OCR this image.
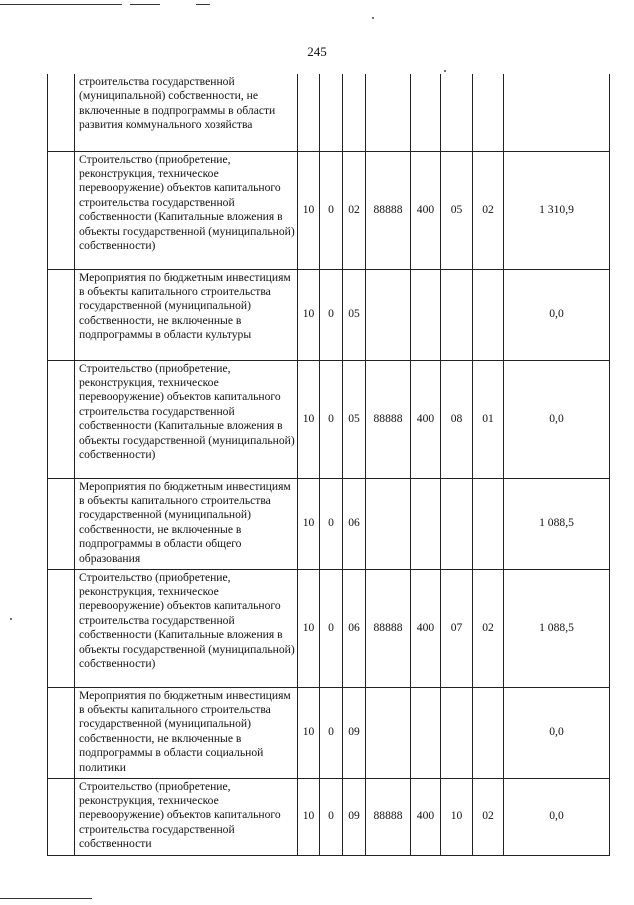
245
	строительства государственной (муниципальной) собственности, не включенные в подпрограммы в области развития коммунального хозяйства								
	Строительство (приобретение, реконструкция, техническое перевооружение) объектов капитального строительства государственной собственности (Капитальные вложения в объекты государственной (муниципальной) собственности)	10	0	02	88888	400	05	02	1 310,9
	Мероприятия по бюджетным инвестициям в объекты капитального строительства государственной (муниципальной) собственности, не включенные в подпрограммы в области культуры	10	0	05					0,0
	Строительство (приобретение, реконструкция, техническое перевооружение) объектов капитального строительства государственной собственности (Капитальные вложения в объекты государственной (муниципальной) собственности)	10	0	05	88888	400	08	01	0,0
	Мероприятия по бюджетным инвестициям в объекты капитального строительства государственной (муниципальной) собственности, не включенные в подпрограммы в области общего образования	10	0	06					1 088,5
	Строительство (приобретение, реконструкция, техническое перевооружение) объектов капитального строительства государственной собственности (Капитальные вложения в объекты государственной (муниципальной) собственности)	10	0	06	88888	400	07	02	1 088,5
	Мероприятия по бюджетным инвестициям в объекты капитального строительства государственной (муниципальной) собственности, не включенные в подпрограммы в области социальной политики	10	0	09					0,0
	Строительство (приобретение, реконструкция, техническое перевооружение) объектов капитального строительства государственной собственности	10	0	09	88888	400	10	02	0,0
